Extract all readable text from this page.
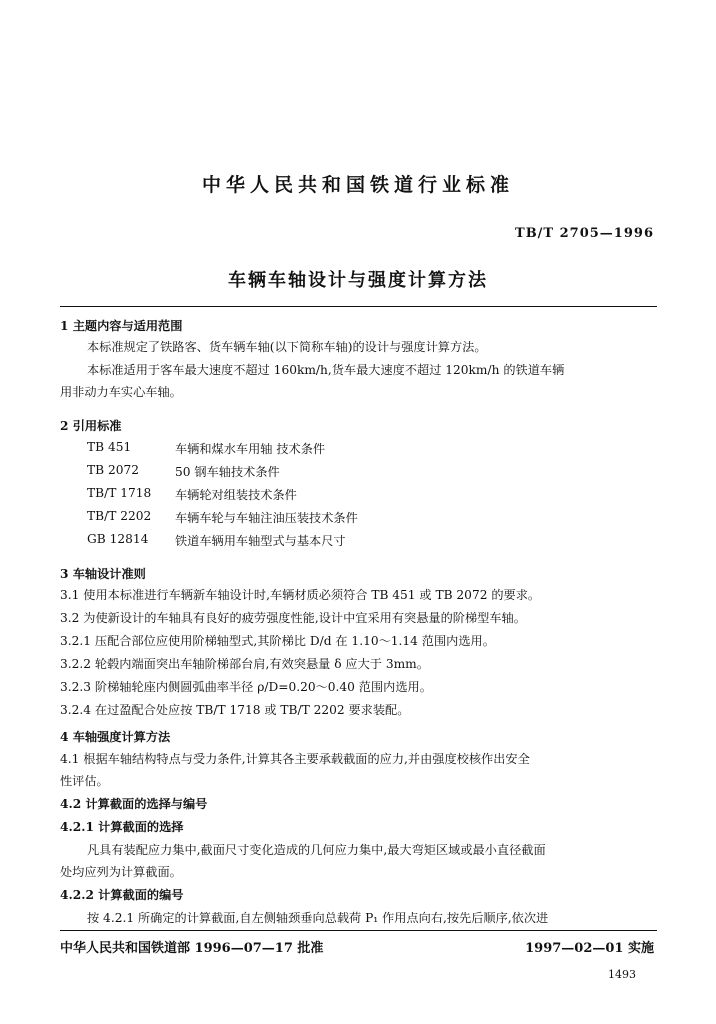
中华人民共和国铁道行业标准
TB/T 2705—1996
车辆车轴设计与强度计算方法
1 主题内容与适用范围
本标准规定了铁路客、货车辆车轴(以下简称车轴)的设计与强度计算方法。
本标准适用于客车最大速度不超过 160km/h,货车最大速度不超过 120km/h 的铁道车辆
用非动力车实心车轴。
2 引用标准
TB 451	车辆和煤水车用轴 技术条件
TB 2072	50 钢车轴技术条件
TB/T 1718 车辆轮对组装技术条件
TB/T 2202 车辆车轮与车轴注油压装技术条件
GB 12814 铁道车辆用车轴型式与基本尺寸
3 车轴设计准则
3.1 使用本标准进行车辆新车轴设计时,车辆材质必须符合 TB 451 或 TB 2072 的要求。
3.2 为使新设计的车轴具有良好的疲劳强度性能,设计中宜采用有突悬量的阶梯型车轴。
3.2.1 压配合部位应使用阶梯轴型式,其阶梯比 D/d 在 1.10～1.14 范围内选用。
3.2.2 轮毂内端面突出车轴阶梯部台肩,有效突悬量 δ 应大于 3mm。
3.2.3 阶梯轴轮座内侧圆弧曲率半径 ρ/D=0.20～0.40 范围内选用。
3.2.4 在过盈配合处应按 TB/T 1718 或 TB/T 2202 要求装配。
4 车轴强度计算方法
4.1 根据车轴结构特点与受力条件,计算其各主要承载截面的应力,并由强度校核作出安全
性评估。
4.2 计算截面的选择与编号
4.2.1 计算截面的选择
凡具有装配应力集中,截面尺寸变化造成的几何应力集中,最大弯矩区域或最小直径截面
处均应列为计算截面。
4.2.2 计算截面的编号
按 4.2.1 所确定的计算截面,自左侧轴颈垂向总载荷 P₁ 作用点向右,按先后顺序,依次进
中华人民共和国铁道部 1996—07—17 批准	1997—02—01 实施
1493
